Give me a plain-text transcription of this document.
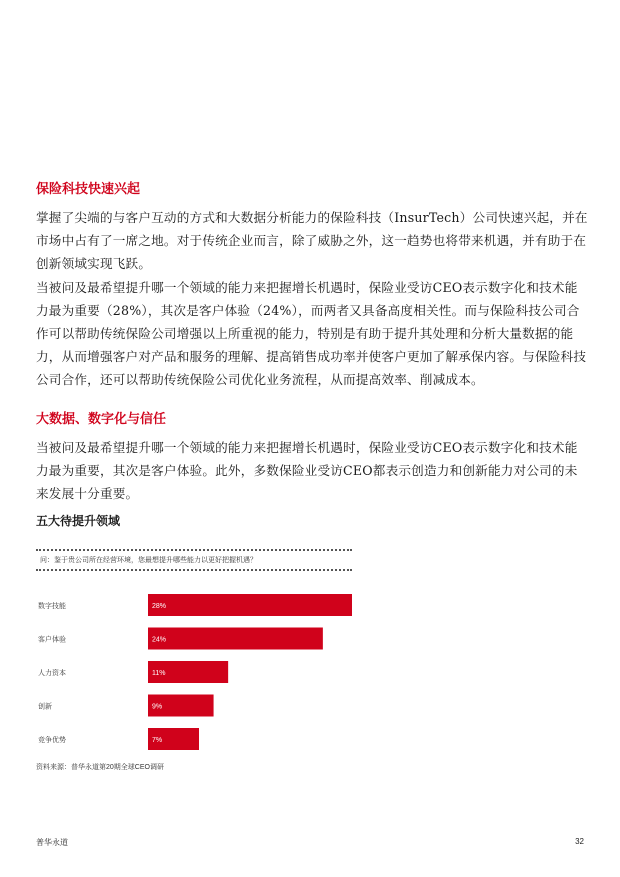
保险科技快速兴起

掌握了尖端的与客户互动的方式和大数据分析能力的保险科技（InsurTech）公司快速兴起，并在市场中占有了一席之地。对于传统企业而言，除了威胁之外，这一趋势也将带来机遇，并有助于在创新领域实现飞跃。

当被问及最希望提升哪一个领域的能力来把握增长机遇时，保险业受访CEO表示数字化和技术能力最为重要（28%），其次是客户体验（24%），而两者又具备高度相关性。而与保险科技公司合作可以帮助传统保险公司增强以上所重视的能力，特别是有助于提升其处理和分析大量数据的能力，从而增强客户对产品和服务的理解、提高销售成功率并使客户更加了解承保内容。与保险科技公司合作，还可以帮助传统保险公司优化业务流程，从而提高效率、削减成本。

大数据、数字化与信任

当被问及最希望提升哪一个领域的能力来把握增长机遇时，保险业受访CEO表示数字化和技术能力最为重要，其次是客户体验。此外，多数保险业受访CEO都表示创造力和创新能力对公司的未来发展十分重要。

五大待提升领域
问：鉴于贵公司所在经营环境，您最想提升哪些能力以更好把握机遇？
数字技能	28%
客户体验	24%
人力资本	11%
创新	9%
竞争优势	7%
资料来源：普华永道第20期全球CEO调研
普华永道	32
